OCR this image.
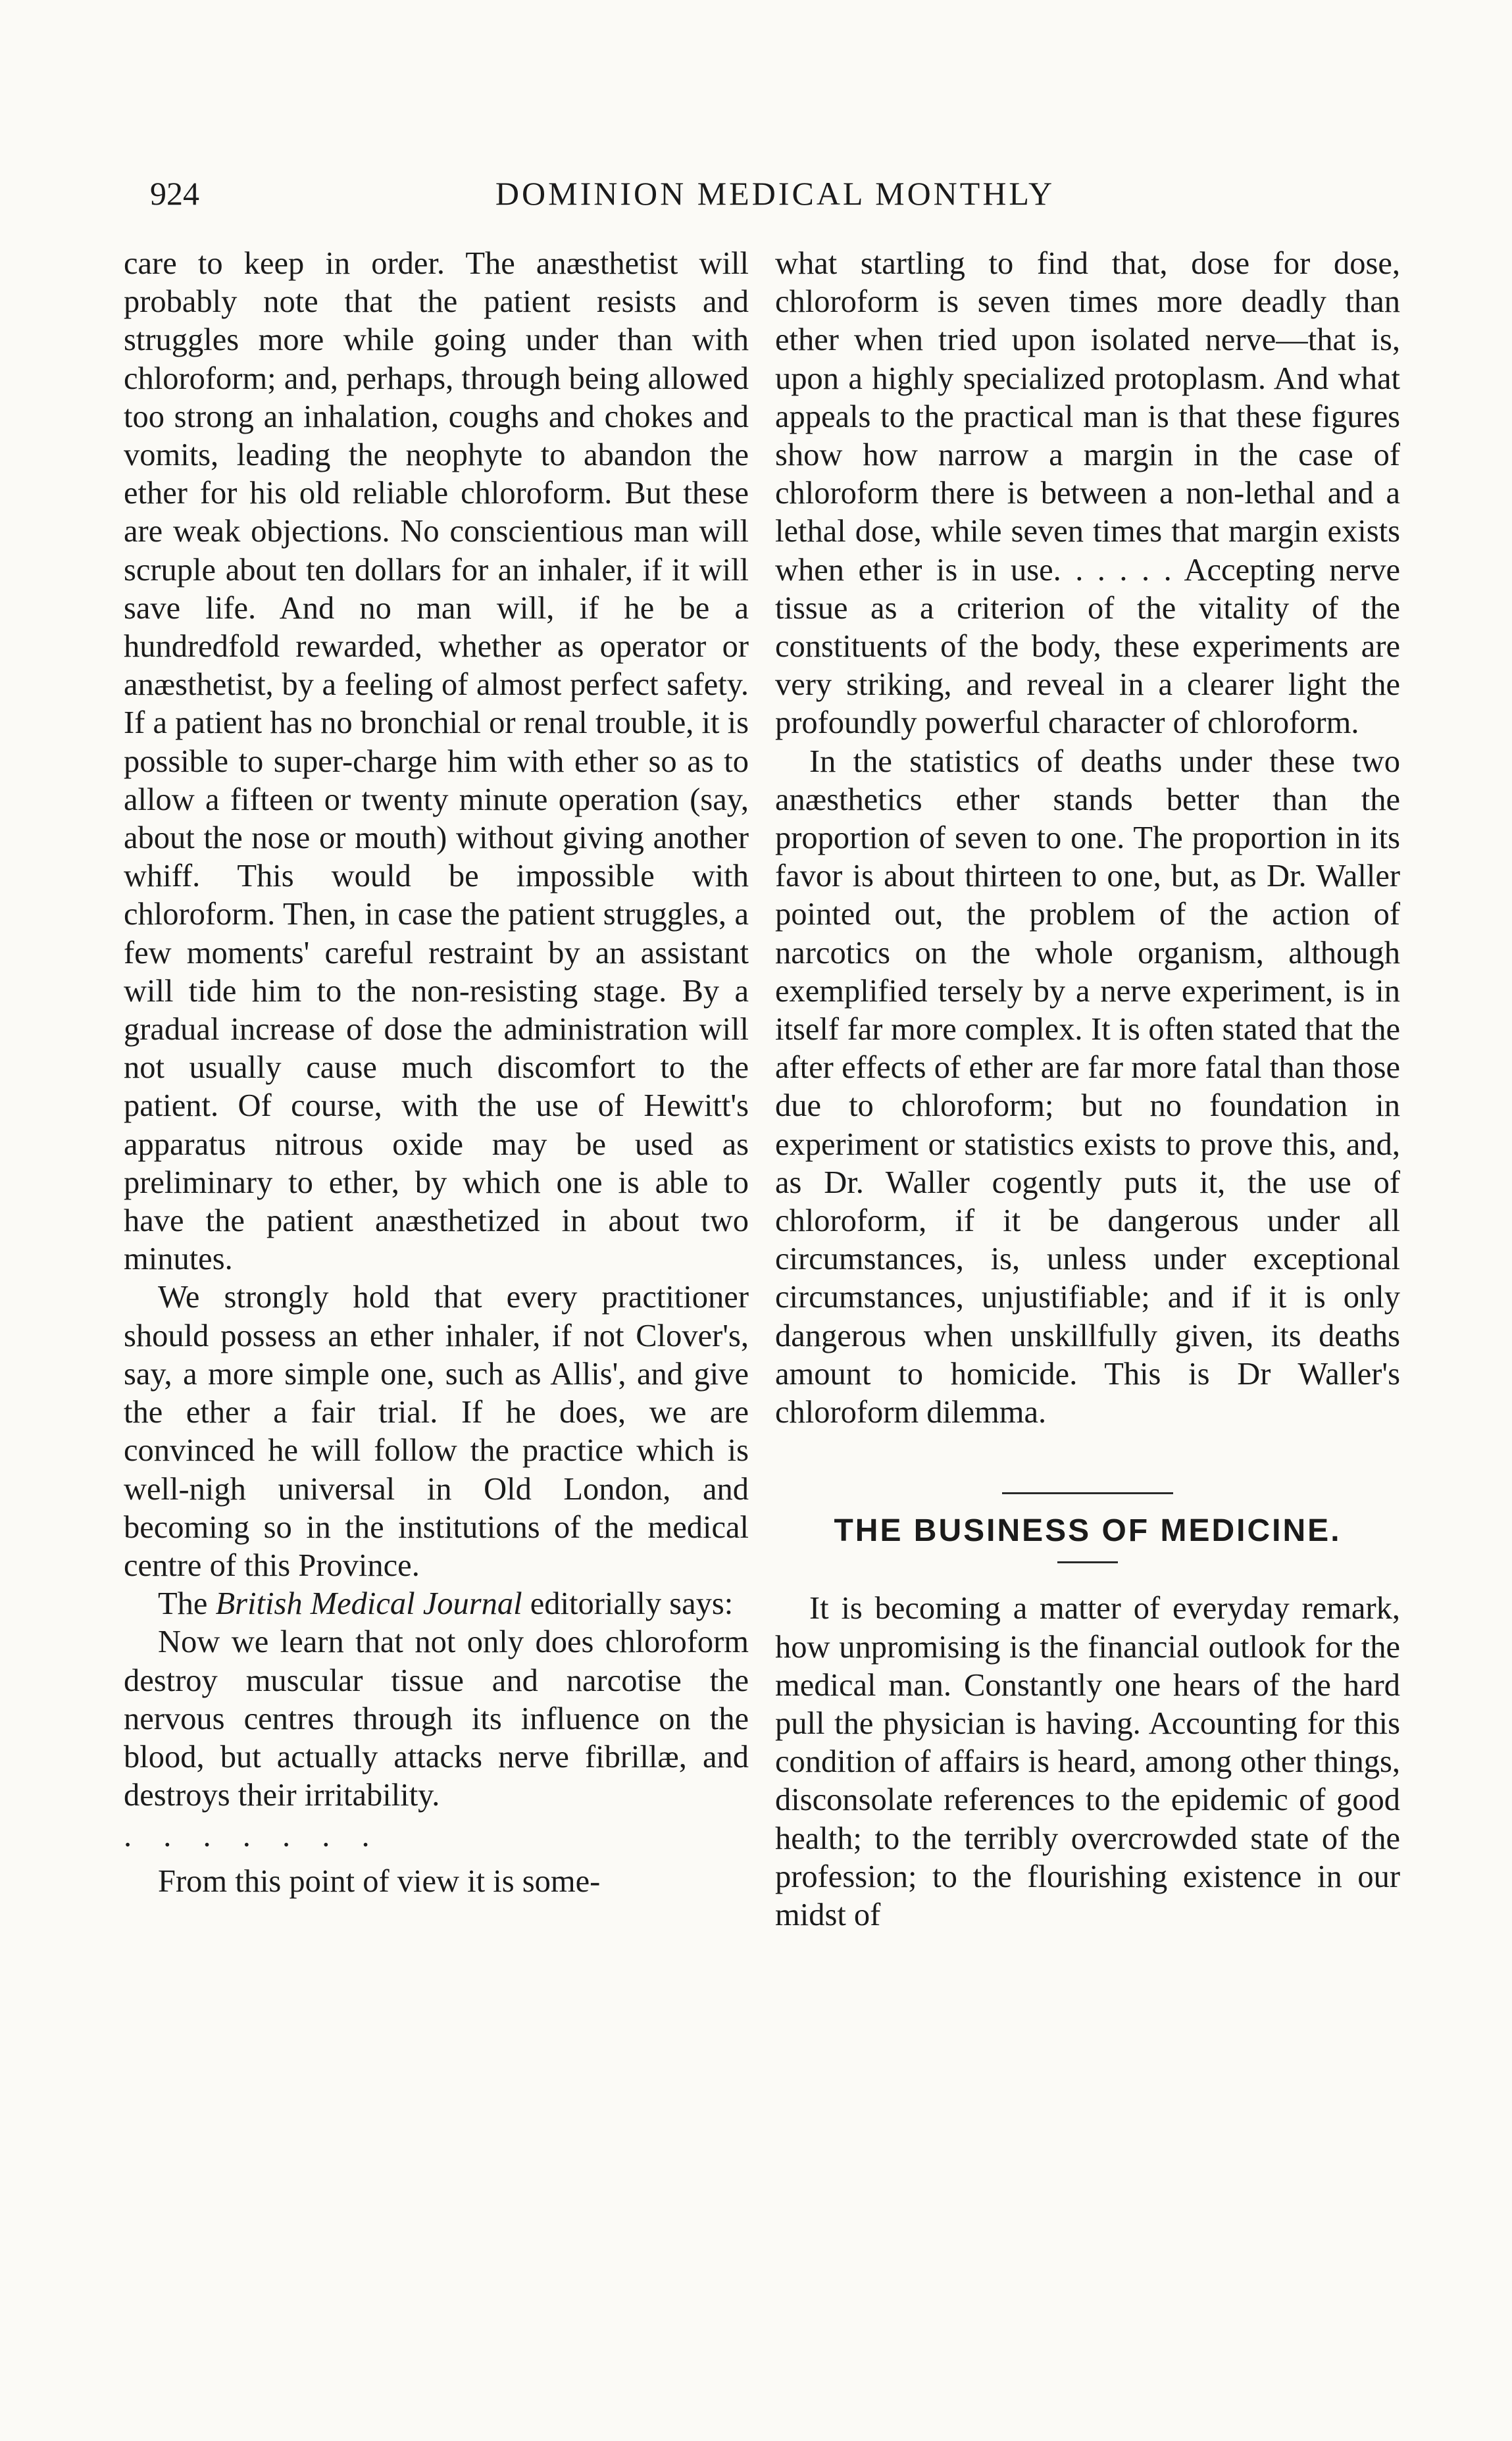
924	DOMINION MEDICAL MONTHLY

care to keep in order. The anæsthetist will probably note that the patient resists and struggles more while going under than with chloroform; and, perhaps, through being allowed too strong an inhalation, coughs and chokes and vomits, leading the neophyte to abandon the ether for his old reliable chloroform. But these are weak objections. No conscientious man will scruple about ten dollars for an inhaler, if it will save life. And no man will, if he be a hundredfold rewarded, whether as operator or anæsthetist, by a feeling of almost perfect safety. If a patient has no bronchial or renal trouble, it is possible to super-charge him with ether so as to allow a fifteen or twenty minute operation (say, about the nose or mouth) without giving another whiff. This would be impossible with chloroform. Then, in case the patient struggles, a few moments' careful restraint by an assistant will tide him to the non-resisting stage. By a gradual increase of dose the administration will not usually cause much discomfort to the patient. Of course, with the use of Hewitt's apparatus nitrous oxide may be used as preliminary to ether, by which one is able to have the patient anæsthetized in about two minutes.

We strongly hold that every practitioner should possess an ether inhaler, if not Clover's, say, a more simple one, such as Allis', and give the ether a fair trial. If he does, we are convinced he will follow the practice which is well-nigh universal in Old London, and becoming so in the institutions of the medical centre of this Province.

The British Medical Journal editorially says:

Now we learn that not only does chloroform destroy muscular tissue and narcotise the nervous centres through its influence on the blood, but actually attacks nerve fibrillæ, and destroys their irritability.

. . . . . . .

From this point of view it is some-

what startling to find that, dose for dose, chloroform is seven times more deadly than ether when tried upon isolated nerve—that is, upon a highly specialized protoplasm. And what appeals to the practical man is that these figures show how narrow a margin in the case of chloroform there is between a non-lethal and a lethal dose, while seven times that margin exists when ether is in use. . . . . . Accepting nerve tissue as a criterion of the vitality of the constituents of the body, these experiments are very striking, and reveal in a clearer light the profoundly powerful character of chloroform.

In the statistics of deaths under these two anæsthetics ether stands better than the proportion of seven to one. The proportion in its favor is about thirteen to one, but, as Dr. Waller pointed out, the problem of the action of narcotics on the whole organism, although exemplified tersely by a nerve experiment, is in itself far more complex. It is often stated that the after effects of ether are far more fatal than those due to chloroform; but no foundation in experiment or statistics exists to prove this, and, as Dr. Waller cogently puts it, the use of chloroform, if it be dangerous under all circumstances, is, unless under exceptional circumstances, unjustifiable; and if it is only dangerous when unskillfully given, its deaths amount to homicide. This is Dr Waller's chloroform dilemma.

THE BUSINESS OF MEDICINE.

It is becoming a matter of everyday remark, how unpromising is the financial outlook for the medical man. Constantly one hears of the hard pull the physician is having. Accounting for this condition of affairs is heard, among other things, disconsolate references to the epidemic of good health; to the terribly overcrowded state of the profession; to the flourishing existence in our midst of
